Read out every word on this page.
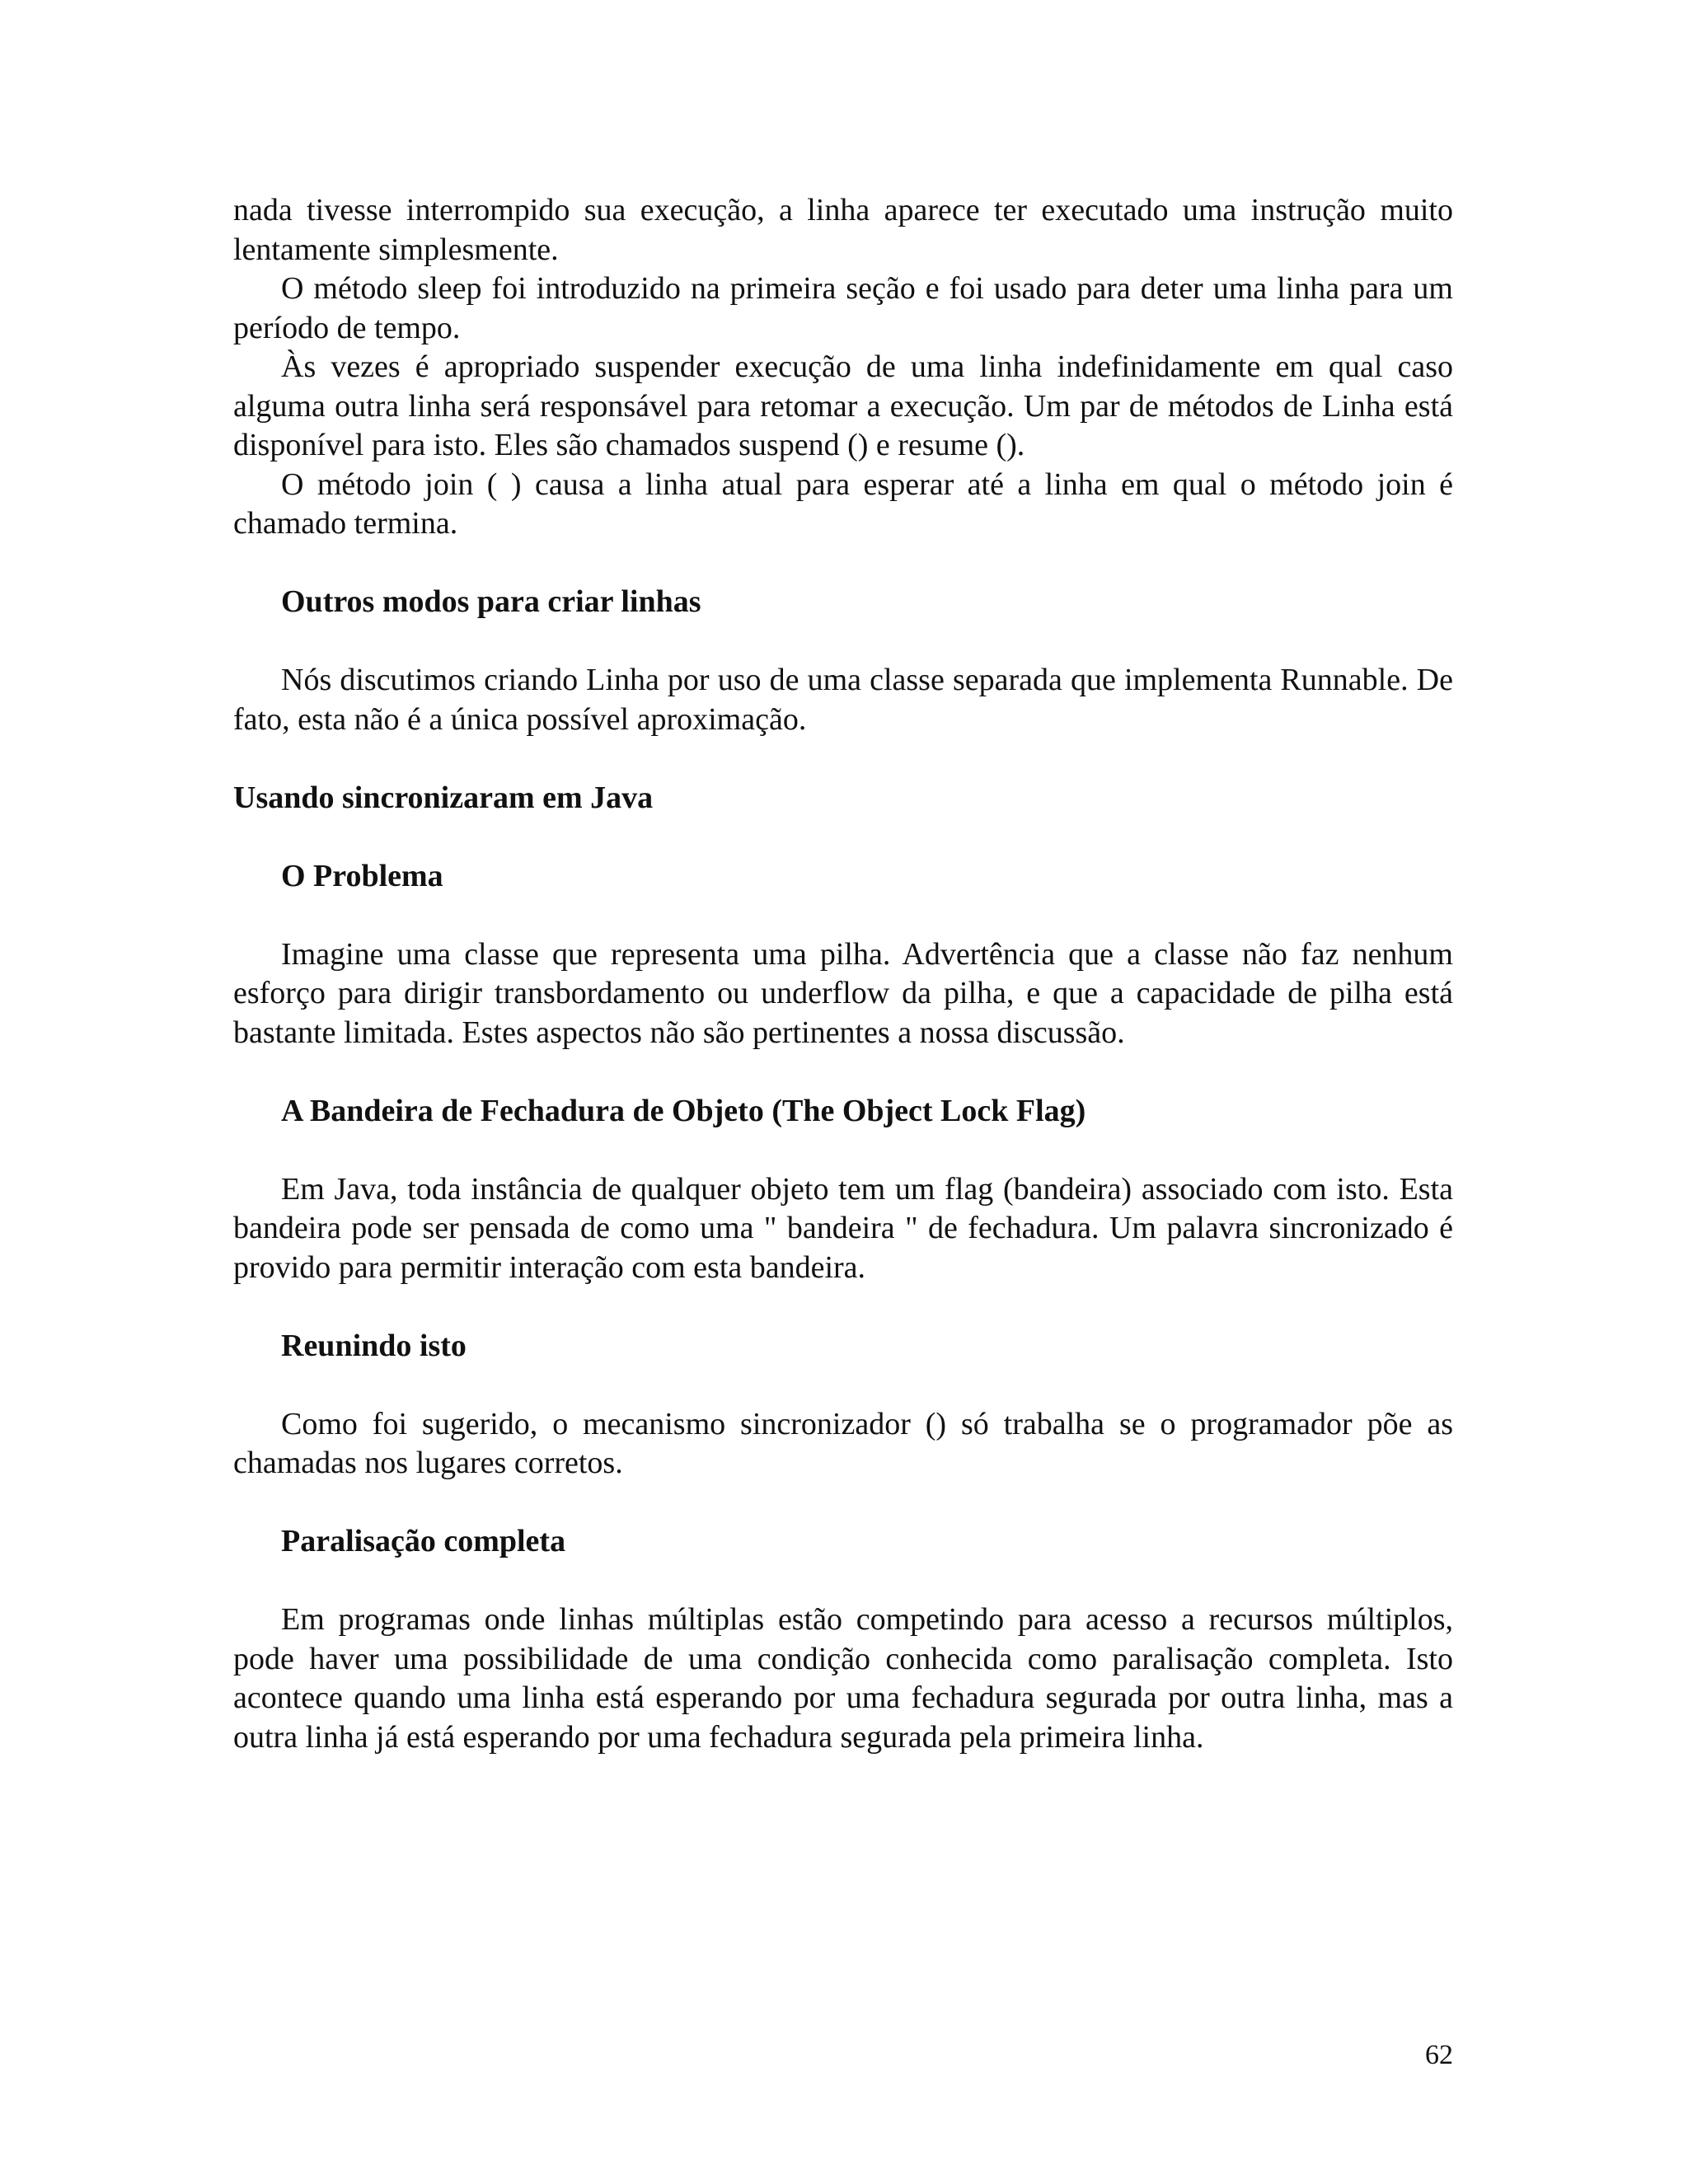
nada tivesse interrompido sua execução, a linha aparece ter executado uma instrução muito lentamente simplesmente.

O método sleep foi introduzido na primeira seção e foi usado para deter uma linha para um período de tempo.

Às vezes é apropriado suspender execução de uma linha indefinidamente em qual caso alguma outra linha será responsável para retomar a execução. Um par de métodos de Linha está disponível para isto. Eles são chamados suspend () e resume ().

O método join ( ) causa a linha atual para esperar até a linha em qual o método join é chamado termina.

Outros modos para criar linhas

Nós discutimos criando Linha por uso de uma classe separada que implementa Runnable. De fato, esta não é a única possível aproximação.

Usando sincronizaram em Java
O Problema

Imagine uma classe que representa uma pilha. Advertência que a classe não faz nenhum esforço para dirigir transbordamento ou underflow da pilha, e que a capacidade de pilha está bastante limitada. Estes aspectos não são pertinentes a nossa discussão.

A Bandeira de Fechadura de Objeto (The Object Lock Flag)

Em Java, toda instância de qualquer objeto tem um flag (bandeira) associado com isto. Esta bandeira pode ser pensada de como uma " bandeira " de fechadura. Um palavra sincronizado é provido para permitir interação com esta bandeira.

Reunindo isto

Como foi sugerido, o mecanismo sincronizador () só trabalha se o programador põe as chamadas nos lugares corretos.

Paralisação completa

Em programas onde linhas múltiplas estão competindo para acesso a recursos múltiplos, pode haver uma possibilidade de uma condição conhecida como paralisação completa. Isto acontece quando uma linha está esperando por uma fechadura segurada por outra linha, mas a outra linha já está esperando por uma fechadura segurada pela primeira linha.

62
